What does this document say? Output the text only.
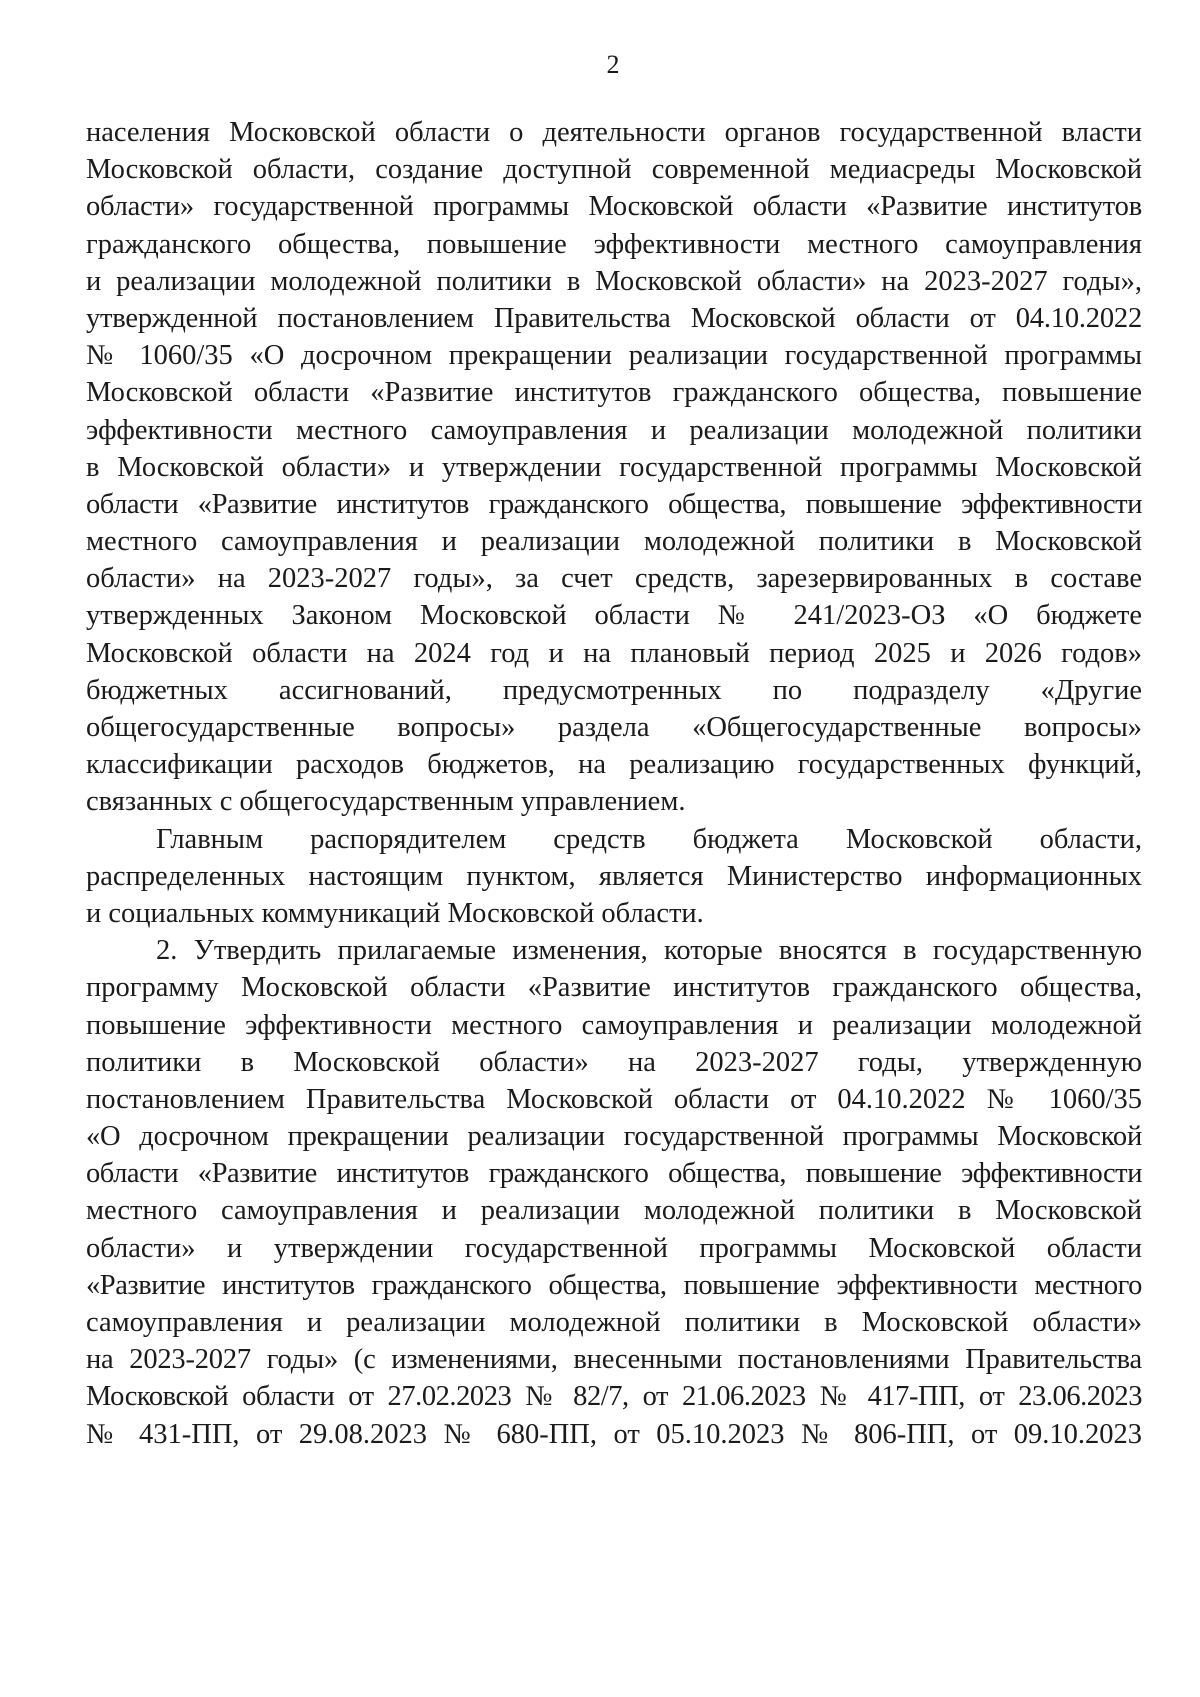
2

населения Московской области о деятельности органов государственной власти
Московской области, создание доступной современной медиасреды Московской
области» государственной программы Московской области «Развитие институтов
гражданского общества, повышение эффективности местного самоуправления
и реализации молодежной политики в Московской области» на 2023-2027 годы»,
утвержденной постановлением Правительства Московской области от 04.10.2022
№ 1060/35 «О досрочном прекращении реализации государственной программы
Московской области «Развитие институтов гражданского общества, повышение
эффективности местного самоуправления и реализации молодежной политики
в Московской области» и утверждении государственной программы Московской
области «Развитие институтов гражданского общества, повышение эффективности
местного самоуправления и реализации молодежной политики в Московской
области» на 2023-2027 годы», за счет средств, зарезервированных в составе
утвержденных Законом Московской области № 241/2023-ОЗ «О бюджете
Московской области на 2024 год и на плановый период 2025 и 2026 годов»
бюджетных ассигнований, предусмотренных по подразделу «Другие
общегосударственные вопросы» раздела «Общегосударственные вопросы»
классификации расходов бюджетов, на реализацию государственных функций,
связанных с общегосударственным управлением.

Главным распорядителем средств бюджета Московской области,
распределенных настоящим пунктом, является Министерство информационных
и социальных коммуникаций Московской области.

2. Утвердить прилагаемые изменения, которые вносятся в государственную
программу Московской области «Развитие институтов гражданского общества,
повышение эффективности местного самоуправления и реализации молодежной
политики в Московской области» на 2023-2027 годы, утвержденную
постановлением Правительства Московской области от 04.10.2022 № 1060/35
«О досрочном прекращении реализации государственной программы Московской
области «Развитие институтов гражданского общества, повышение эффективности
местного самоуправления и реализации молодежной политики в Московской
области» и утверждении государственной программы Московской области
«Развитие институтов гражданского общества, повышение эффективности местного
самоуправления и реализации молодежной политики в Московской области»
на 2023-2027 годы» (с изменениями, внесенными постановлениями Правительства
Московской области от 27.02.2023 № 82/7, от 21.06.2023 № 417-ПП, от 23.06.2023
№ 431-ПП, от 29.08.2023 № 680-ПП, от 05.10.2023 № 806-ПП, от 09.10.2023
